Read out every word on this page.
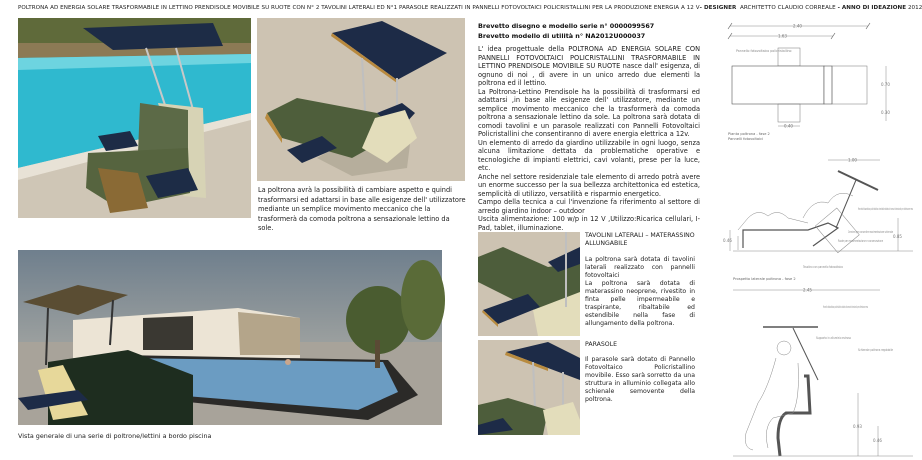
POLTRONA AD ENERGIA SOLARE TRASFORMABILE IN LETTINO PRENDISOLE MOVIBILE SU RUOTE CON N° 2 TAVOLINI LATERALI ED N°1 PARASOLE REALIZZATI IN PANNELLI FOTOVOLTAICI POLICRISTALLINI PER LA PRODUZIONE ENERGIA A 12 V- DESIGNER ARCHITETTO CLAUDIO CORREALE - ANNO DI IDEAZIONE 2012
La poltrona avrà la possibilità di cambiare aspetto e quindi trasformarsi ed adattarsi in base alle esigenze dell' utilizzatore mediante un semplice movimento meccanico che la trasformerà da comoda poltrona a sensazionale lettino da sole.
Vista generale di una serie di poltrone/lettini a bordo piscina
Brevetto disegno e modello serie n° 0000099567
Brevetto modello di utilità n° NA2012U000037

L' idea progettuale della POLTRONA AD ENERGIA SOLARE CON PANNELLI FOTOVOLTAICI POLICRISTALLINI TRASFORMABILE IN LETTINO PRENDISOLE MOVIBILE SU RUOTE nasce dall' esigenza, di ognuno di noi , di avere in un unico arredo due elementi la poltrona ed il lettino.

La Poltrona-Lettino Prendisole ha la possibilità di trasformarsi ed adattarsi ,in base alle esigenze dell' utilizzatore, mediante un semplice movimento meccanico che la trasformerà da comoda poltrona a sensazionale lettino da sole. La poltrona sarà dotata di comodi tavolini e un parasole realizzati con Pannelli Fotovoltaici Policristallini che consentiranno di avere energia elettrica a 12v.

Un elemento di arredo da giardino utilizzabile in ogni luogo, senza alcuna limitazione dettata da problematiche operative e tecnologiche di impianti elettrici, cavi volanti, prese per la luce, etc.

Anche nel settore residenziale tale elemento di arredo potrà avere un enorme successo per la sua bellezza architettonica ed estetica, semplicità di utilizzo, versatilità e risparmio energetico.

Campo della tecnica a cui l'invenzione fa riferimento al settore di arredo giardino indoor – outdoor

Uscita alimentazione: 100 w/p in 12 V ,Utilizzo:Ricarica cellulari, I-Pad, tablet, illuminazione.

TAVOLINI LATERALI – MATERASSINO ALLUNGABILE

La poltrona sarà dotata di tavolini laterali realizzato con pannelli fotovoltaici

La poltrona sarà dotata di materassino neoprene, rivestito in finta pelle impermeabile e traspirante, ribaltabile ed estendibile nella fase di allungamento della poltrona.

PARASOLE

Il parasole sarà dotato di Pannello Fotovoltaico Policristallino movibile. Esso sarà sorretto da una struttura in alluminio collegata allo schienale semovente della poltrona.

2.40
1.63
Pannello fotovoltaico policristallino
0.70
0.30
0.40
Pianta poltrona - fase 2
Pannelli fotovoltaici
1.00
0.85
0.46
Pannello fotovoltaico policristallino orientabile dotato di sensori direzionali per ottimizzare resa
Cerniera per consentire movimentazione schienale
Ruote per movimentazione e conservazione
Tavolino con pannello fotovoltaico
Prospetto laterale poltrona - fase 2
2.45
Pannello fotovoltaico policristallino dotato di sensori direzionali per ottimizzare resa
Supporto in alluminio estruso
Schienale poltrona regolabile
0.93
0.46
